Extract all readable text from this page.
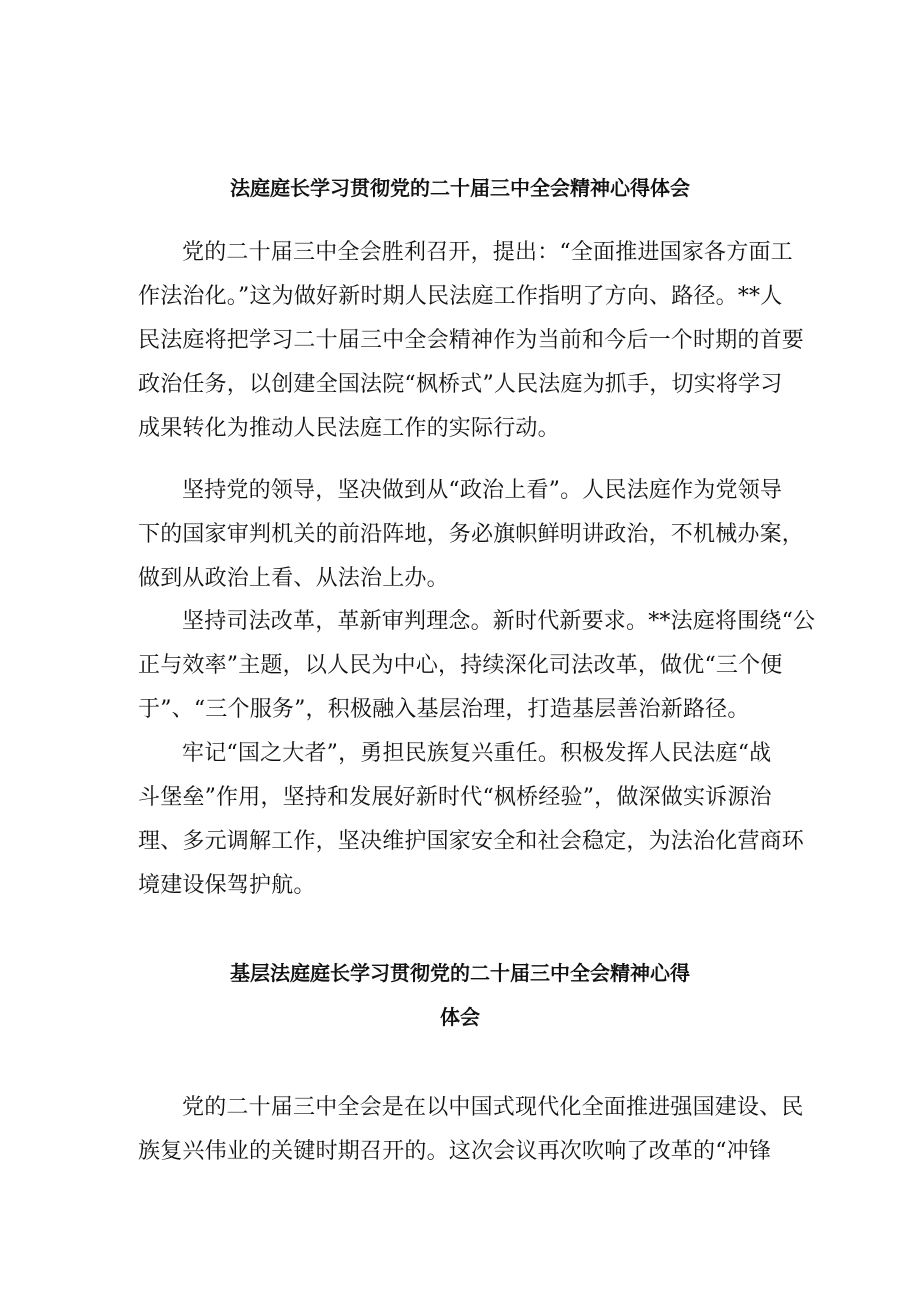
法庭庭长学习贯彻党的二十届三中全会精神心得体会
党的二十届三中全会胜利召开，提出：“全面推进国家各方面工
作法治化。”这为做好新时期人民法庭工作指明了方向、路径。**人
民法庭将把学习二十届三中全会精神作为当前和今后一个时期的首要
政治任务，以创建全国法院“枫桥式”人民法庭为抓手，切实将学习
成果转化为推动人民法庭工作的实际行动。
坚持党的领导，坚决做到从“政治上看”。人民法庭作为党领导
下的国家审判机关的前沿阵地，务必旗帜鲜明讲政治，不机械办案，
做到从政治上看、从法治上办。
坚持司法改革，革新审判理念。新时代新要求。**法庭将围绕“公
正与效率”主题，以人民为中心，持续深化司法改革，做优“三个便
于”、“三个服务”，积极融入基层治理，打造基层善治新路径。
牢记“国之大者”，勇担民族复兴重任。积极发挥人民法庭“战
斗堡垒”作用，坚持和发展好新时代“枫桥经验”，做深做实诉源治
理、多元调解工作，坚决维护国家安全和社会稳定，为法治化营商环
境建设保驾护航。
基层法庭庭长学习贯彻党的二十届三中全会精神心得
体会
党的二十届三中全会是在以中国式现代化全面推进强国建设、民
族复兴伟业的关键时期召开的。这次会议再次吹响了改革的“冲锋
